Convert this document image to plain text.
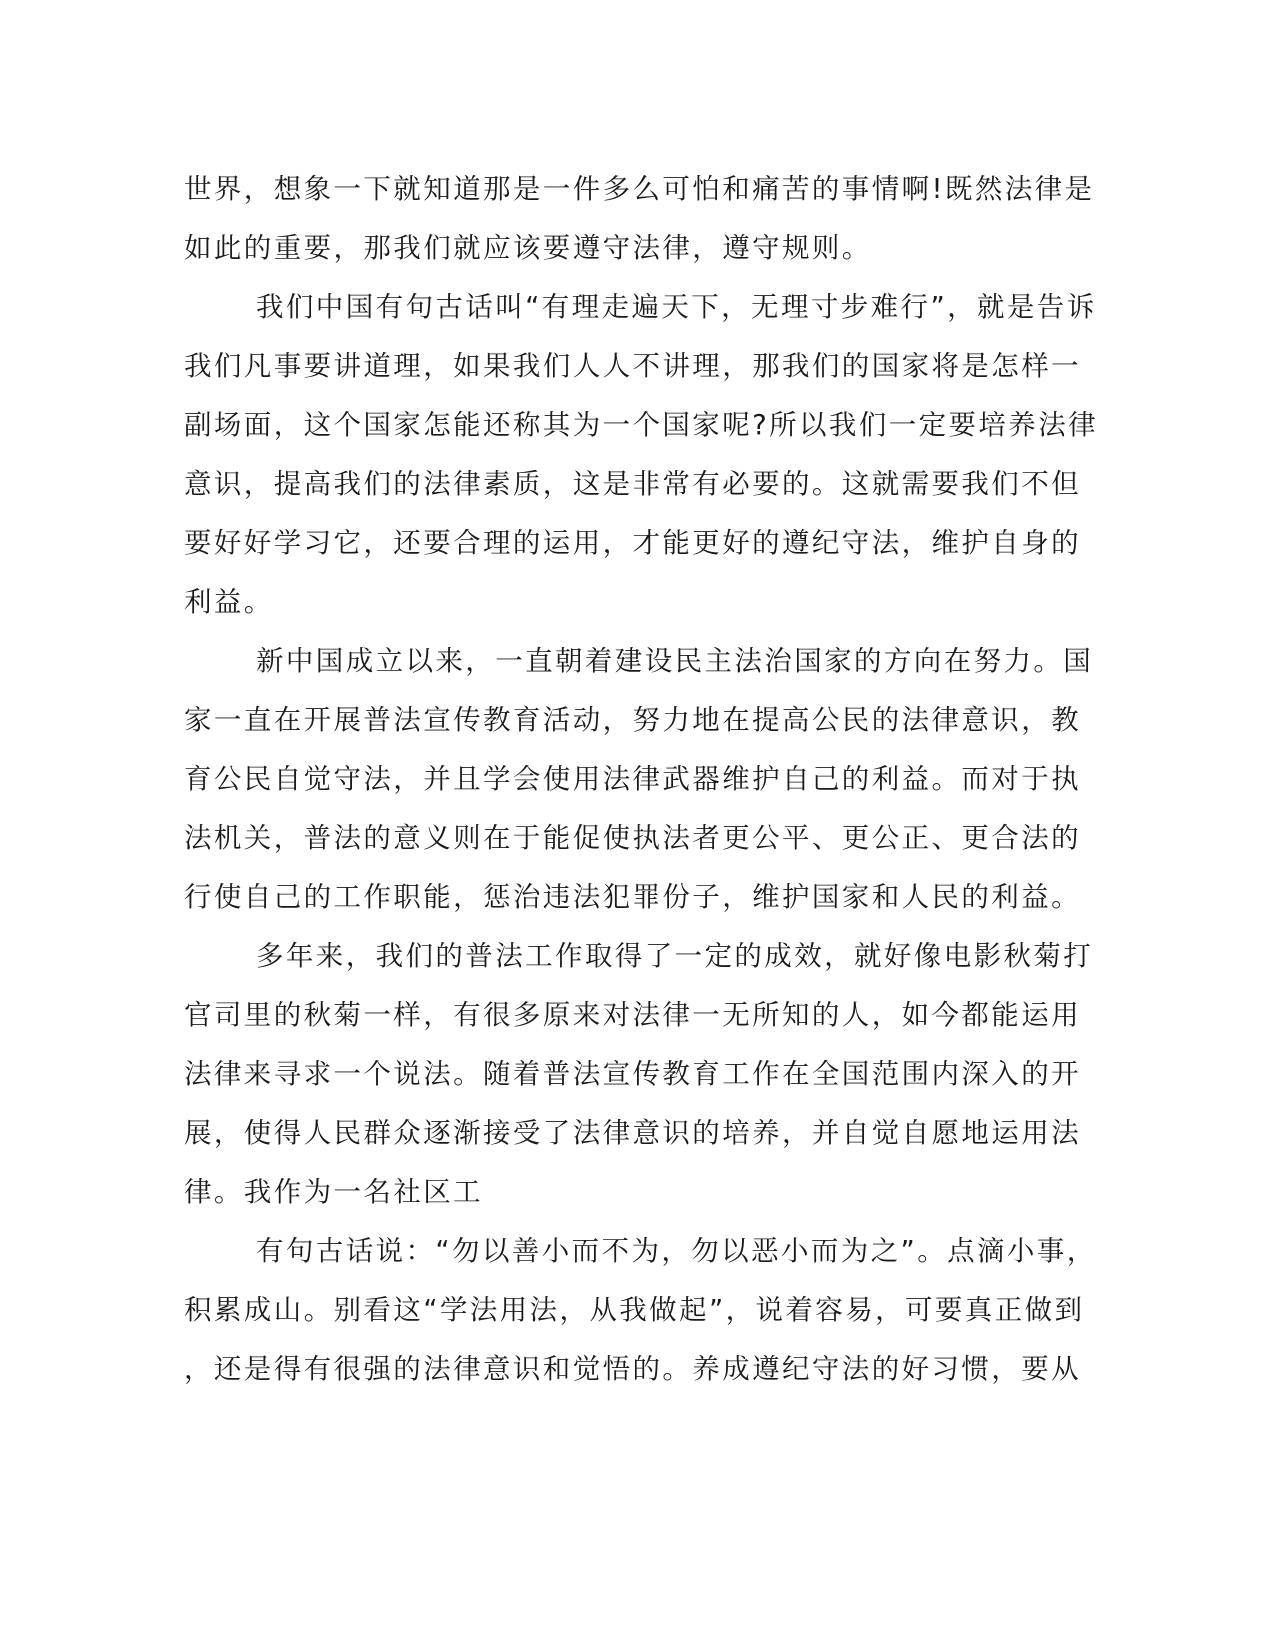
世界，想象一下就知道那是一件多么可怕和痛苦的事情啊!既然法律是
如此的重要，那我们就应该要遵守法律，遵守规则。
我们中国有句古话叫“有理走遍天下，无理寸步难行”，就是告诉
我们凡事要讲道理，如果我们人人不讲理，那我们的国家将是怎样一
副场面，这个国家怎能还称其为一个国家呢?所以我们一定要培养法律
意识，提高我们的法律素质，这是非常有必要的。这就需要我们不但
要好好学习它，还要合理的运用，才能更好的遵纪守法，维护自身的
利益。
新中国成立以来，一直朝着建设民主法治国家的方向在努力。国
家一直在开展普法宣传教育活动，努力地在提高公民的法律意识，教
育公民自觉守法，并且学会使用法律武器维护自己的利益。而对于执
法机关，普法的意义则在于能促使执法者更公平、更公正、更合法的
行使自己的工作职能，惩治违法犯罪份子，维护国家和人民的利益。
多年来，我们的普法工作取得了一定的成效，就好像电影秋菊打
官司里的秋菊一样，有很多原来对法律一无所知的人，如今都能运用
法律来寻求一个说法。随着普法宣传教育工作在全国范围内深入的开
展，使得人民群众逐渐接受了法律意识的培养，并自觉自愿地运用法
律。我作为一名社区工
有句古话说：“勿以善小而不为，勿以恶小而为之”。点滴小事，
积累成山。别看这“学法用法，从我做起”，说着容易，可要真正做到
，还是得有很强的法律意识和觉悟的。养成遵纪守法的好习惯，要从
